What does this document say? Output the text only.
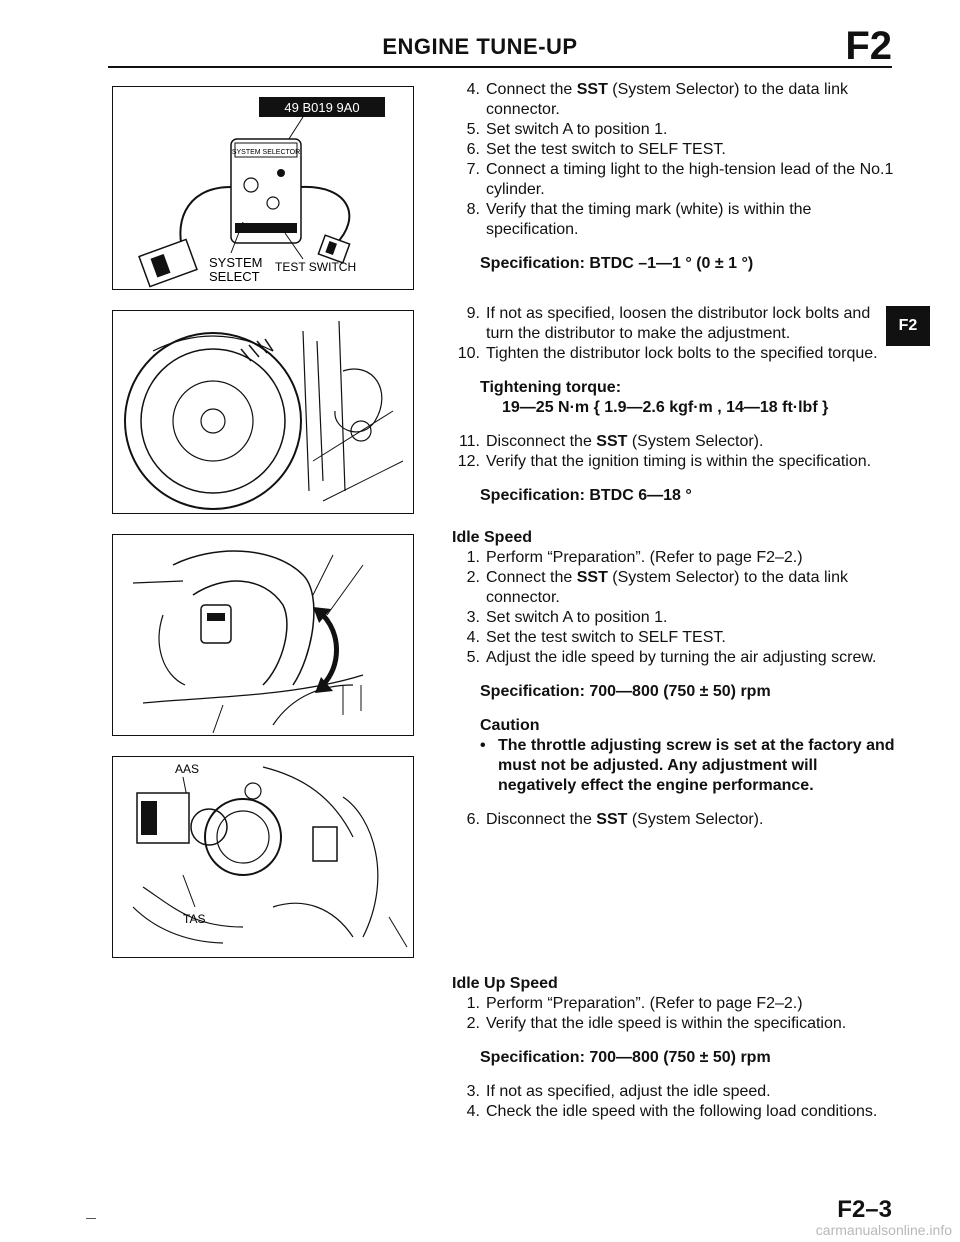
ENGINE TUNE-UP	F2
F2
49 B019 9A0
SYSTEM SELECTOR
SYSTEM
SELECT
TEST SWITCH
AAS
TAS
4. Connect the SST (System Selector) to the data link connector.
5. Set switch A to position 1.
6. Set the test switch to SELF TEST.
7. Connect a timing light to the high-tension lead of the No.1 cylinder.
8. Verify that the timing mark (white) is within the specification.
Specification: BTDC –1—1 ° (0 ± 1 °)
9. If not as specified, loosen the distributor lock bolts and turn the distributor to make the adjustment.
10. Tighten the distributor lock bolts to the specified torque.
Tightening torque:
19—25 N·m { 1.9—2.6 kgf·m , 14—18 ft·lbf }
11. Disconnect the SST (System Selector).
12. Verify that the ignition timing is within the specification.
Specification: BTDC 6—18 °
Idle Speed
1. Perform “Preparation”. (Refer to page F2–2.)
2. Connect the SST (System Selector) to the data link connector.
3. Set switch A to position 1.
4. Set the test switch to SELF TEST.
5. Adjust the idle speed by turning the air adjusting screw.
Specification: 700—800 (750 ± 50) rpm
Caution
• The throttle adjusting screw is set at the factory and must not be adjusted. Any adjustment will negatively effect the engine performance.
6. Disconnect the SST (System Selector).
Idle Up Speed
1. Perform “Preparation”. (Refer to page F2–2.)
2. Verify that the idle speed is within the specification.
Specification: 700—800 (750 ± 50) rpm
3. If not as specified, adjust the idle speed.
4. Check the idle speed with the following load conditions.
F2–3
carmanualsonline.info
